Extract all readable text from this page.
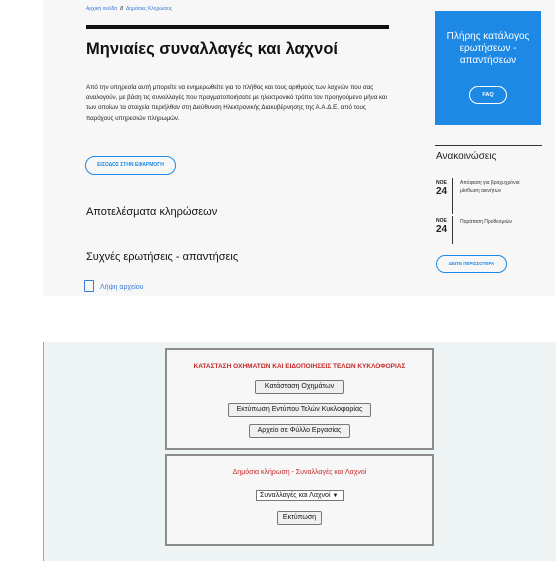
Αρχική σελίδα // Δημόσιες Κληρώσεις
Μηνιαίες συναλλαγές και λαχνοί
Από την υπηρεσία αυτή μπορείτε να ενημερωθείτε για το πλήθος και τους αριθμούς των λαχνών που σας αναλογούν, με βάση τις συναλλαγές που πραγματοποιήσατε με ηλεκτρονικό τρόπο τον προηγούμενο μήνα και των οποίων τα στοιχεία περιήλθαν στη Διεύθυνση Ηλεκτρονικής Διακυβέρνησης της Α.Α.Δ.Ε. από τους παρόχους υπηρεσιών πληρωμών.
ΕΙΣΟΔΟΣ ΣΤΗΝ ΕΦΑΡΜΟΓΗ
Αποτελέσματα κληρώσεων
Συχνές ερωτήσεις - απαντήσεις
Λήψη αρχείου
Πλήρης κατάλογος ερωτήσεων - απαντήσεων
FAQ
Ανακοινώσεις
ΝΟΕ
24
Απόφαση για βραχυχρόνια μίσθωση ακινήτων
ΝΟΕ
24
Παράταση Προθεσμιών
ΔΕΙΤΕ ΠΕΡΙΣΣΟΤΕΡΑ
ΚΑΤΑΣΤΑΣΗ ΟΧΗΜΑΤΩΝ ΚΑΙ ΕΙΔΟΠΟΙΗΣΕΙΣ ΤΕΛΩΝ ΚΥΚΛΟΦΟΡΙΑΣ
Κατάσταση Οχημάτων
Εκτύπωση Εντύπου Τελών Κυκλοφορίας
Αρχείο σε Φύλλο Εργασίας
Δημόσια κλήρωση - Συναλλαγές και Λαχνοί
Συναλλαγές και Λαχνοί ▼
Εκτύπωση
